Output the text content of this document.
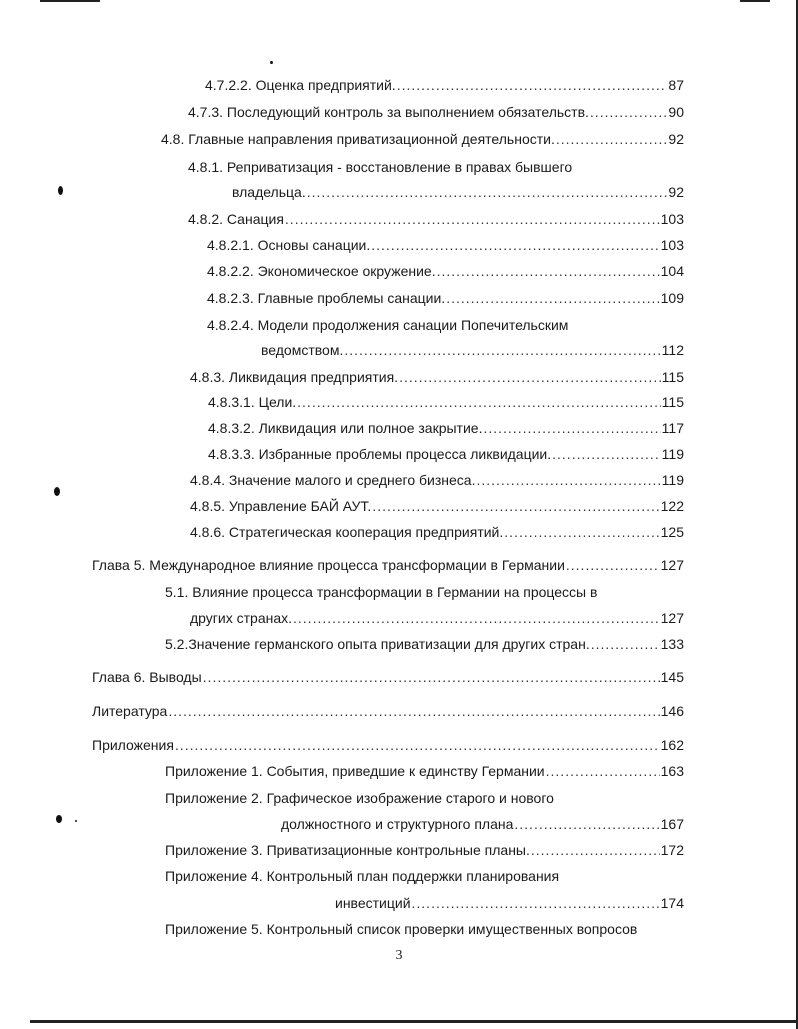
4.7.2.2. Оценка предприятий. .....	87
4.7.3. Последующий контроль за выполнением обязательств. .....	90
4.8. Главные направления приватизационной деятельности. .....	92
4.8.1. Реприватизация - восстановление в правах бывшего
владельца. .....	92
4.8.2. Санация .....	103
4.8.2.1. Основы санации. .....	103
4.8.2.2. Экономическое окружение. .....	104
4.8.2.3. Главные проблемы санации. .....	109
4.8.2.4. Модели продолжения санации Попечительским
ведомством. .....	112
4.8.3. Ликвидация предприятия. .....	115
4.8.3.1. Цели. .....	115
4.8.3.2. Ликвидация или полное закрытие. .....	117
4.8.3.3. Избранные проблемы процесса ликвидации. .....	119
4.8.4. Значение малого и среднего бизнеса. .....	119
4.8.5. Управление БАЙ АУТ. .....	122
4.8.6. Стратегическая кооперация предприятий. .....	125
Глава 5. Международное влияние процесса трансформации в Германии .....	127
5.1. Влияние процесса трансформации в Германии на процессы в
других странах. .....	127
5.2.Значение германского опыта приватизации для других стран. .....	133
Глава 6. Выводы .....	145
Литература .....	146
Приложения .....	162
Приложение 1. События, приведшие к единству Германии .....	163
Приложение 2. Графическое изображение старого и нового
должностного и структурного плана .....	167
Приложение 3. Приватизационные контрольные планы. .....	172
Приложение 4. Контрольный план поддержки планирования
инвестиций .....	174
Приложение 5. Контрольный список проверки имущественных вопросов
3
